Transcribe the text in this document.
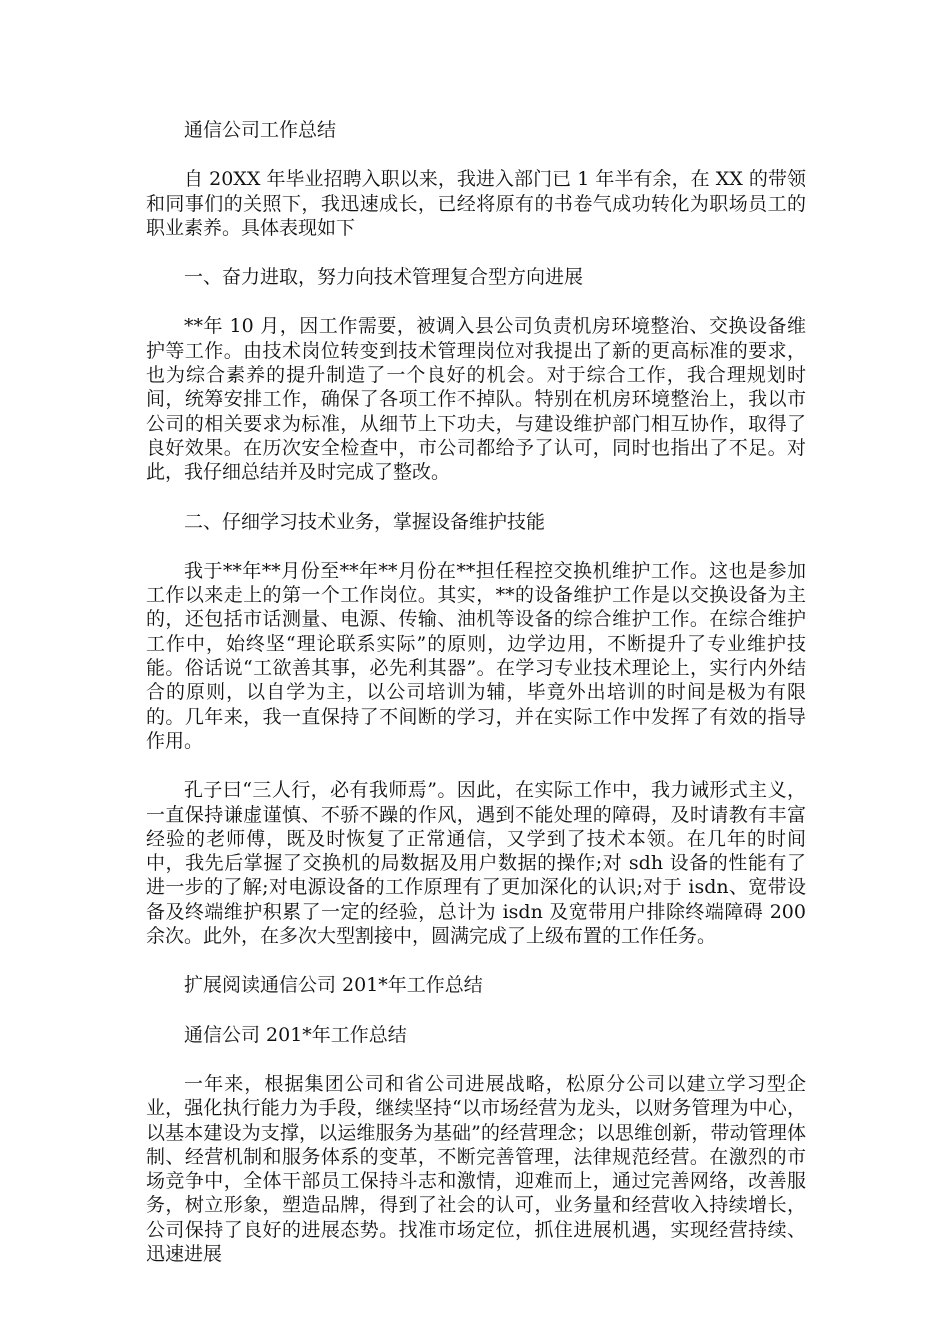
通信公司工作总结

自 20XX 年毕业招聘入职以来，我进入部门已 1 年半有余，在 XX 的带领和同事们的关照下，我迅速成长，已经将原有的书卷气成功转化为职场员工的职业素养。具体表现如下

一、奋力进取，努力向技术管理复合型方向进展

**年 10 月，因工作需要，被调入县公司负责机房环境整治、交换设备维护等工作。由技术岗位转变到技术管理岗位对我提出了新的更高标准的要求，也为综合素养的提升制造了一个良好的机会。对于综合工作，我合理规划时间，统筹安排工作，确保了各项工作不掉队。特别在机房环境整治上，我以市公司的相关要求为标准，从细节上下功夫，与建设维护部门相互协作，取得了良好效果。在历次安全检查中，市公司都给予了认可，同时也指出了不足。对此，我仔细总结并及时完成了整改。

二、仔细学习技术业务，掌握设备维护技能

我于**年**月份至**年**月份在**担任程控交换机维护工作。这也是参加工作以来走上的第一个工作岗位。其实，**的设备维护工作是以交换设备为主的，还包括市话测量、电源、传输、油机等设备的综合维护工作。在综合维护工作中，始终坚“理论联系实际”的原则，边学边用，不断提升了专业维护技能。俗话说“工欲善其事，必先利其器”。在学习专业技术理论上，实行内外结合的原则，以自学为主，以公司培训为辅，毕竟外出培训的时间是极为有限的。几年来，我一直保持了不间断的学习，并在实际工作中发挥了有效的指导作用。

孔子曰“三人行，必有我师焉”。因此，在实际工作中，我力诫形式主义，一直保持谦虚谨慎、不骄不躁的作风，遇到不能处理的障碍，及时请教有丰富经验的老师傅，既及时恢复了正常通信，又学到了技术本领。在几年的时间中，我先后掌握了交换机的局数据及用户数据的操作;对 sdh 设备的性能有了进一步的了解;对电源设备的工作原理有了更加深化的认识;对于 isdn、宽带设备及终端维护积累了一定的经验，总计为 isdn 及宽带用户排除终端障碍 200 余次。此外，在多次大型割接中，圆满完成了上级布置的工作任务。

扩展阅读通信公司 201*年工作总结

通信公司 201*年工作总结

一年来，根据集团公司和省公司进展战略，松原分公司以建立学习型企业，强化执行能力为手段，继续坚持“以市场经营为龙头，以财务管理为中心，以基本建设为支撑，以运维服务为基础”的经营理念；以思维创新，带动管理体制、经营机制和服务体系的变革，不断完善管理，法律规范经营。在激烈的市场竞争中，全体干部员工保持斗志和激情，迎难而上，通过完善网络，改善服务，树立形象，塑造品牌，得到了社会的认可，业务量和经营收入持续增长，公司保持了良好的进展态势。找准市场定位，抓住进展机遇，实现经营持续、迅速进展
